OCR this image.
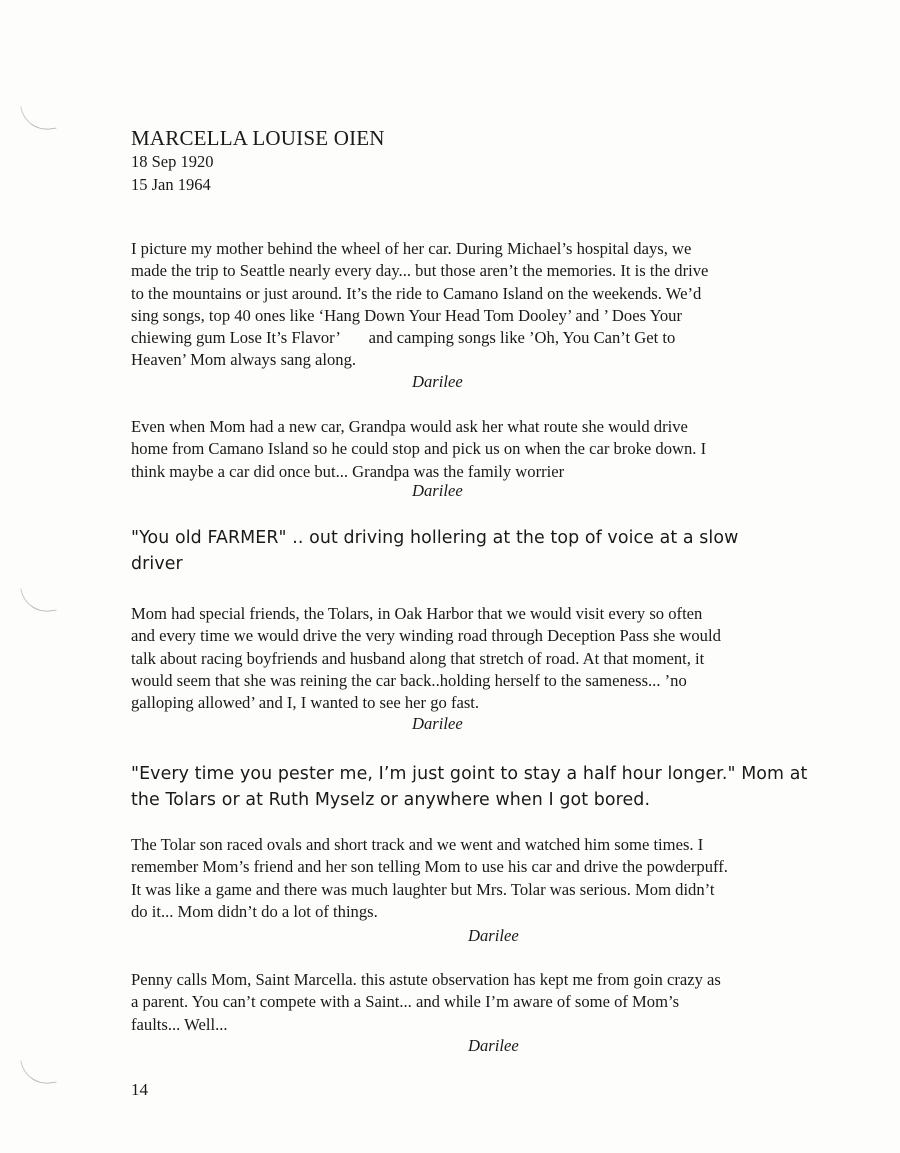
MARCELLA LOUISE OIEN
18 Sep 1920
15 Jan 1964

I picture my mother behind the wheel of her car. During Michael’s hospital days, we
made the trip to Seattle nearly every day... but those aren’t the memories. It is the drive
to the mountains or just around. It’s the ride to Camano Island on the weekends. We’d
sing songs, top 40 ones like ‘Hang Down Your Head Tom Dooley’ and ’ Does Your
chiewing gum Lose It’s Flavor’       and camping songs like ’Oh, You Can’t Get to
Heaven’ Mom always sang along.

Darilee

Even when Mom had a new car, Grandpa would ask her what route she would drive
home from Camano Island so he could stop and pick us on when the car broke down. I
think maybe a car did once but... Grandpa was the family worrier

Darilee

"You old FARMER" .. out driving hollering at the top of voice at a slow
driver

Mom had special friends, the Tolars, in Oak Harbor that we would visit every so often
and every time we would drive the very winding road through Deception Pass she would
talk about racing boyfriends and husband along that stretch of road. At that moment, it
would seem that she was reining the car back..holding herself to the sameness... ’no
galloping allowed’ and I, I wanted to see her go fast.

Darilee

"Every time you pester me, I’m just goint to stay a half hour longer." Mom at
the Tolars or at Ruth Myselz or anywhere when I got bored.

The Tolar son raced ovals and short track and we went and watched him some times. I
remember Mom’s friend and her son telling Mom to use his car and drive the powderpuff.
It was like a game and there was much laughter but Mrs. Tolar was serious. Mom didn’t
do it... Mom didn’t do a lot of things.

Darilee

Penny calls Mom, Saint Marcella. this astute observation has kept me from goin crazy as
a parent. You can’t compete with a Saint... and while I’m aware of some of Mom’s
faults... Well...

Darilee
14
